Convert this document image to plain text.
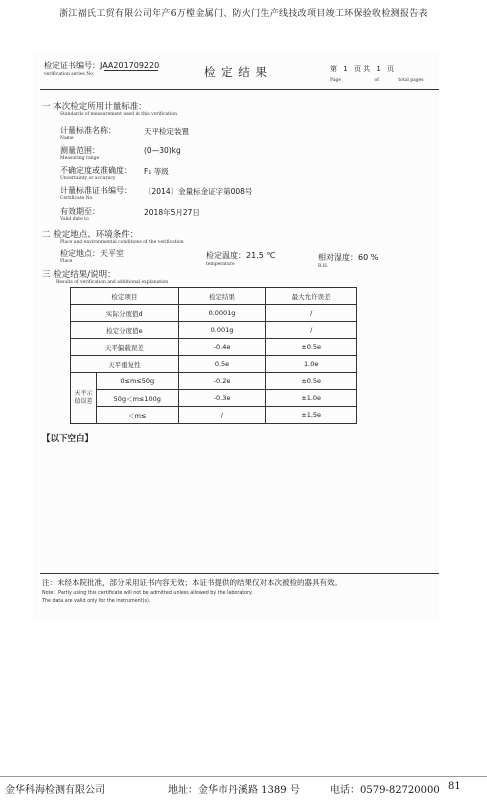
浙江福氏工贸有限公司年产6万樘金属门、防火门生产线技改项目竣工环保验收检测报告表
检定证书编号：JAA201709220
verification series No.	检 定 结 果	第 1 页 共 1 页
Page	of	total pages
一 本次检定所用计量标准：
Standards of measurement used in this verification
计量标准名称：
Name
天平检定装置
测量范围：
Measuring range
(0—30)kg
不确定度或准确度：
Uncertainty or accuracy
F₁ 等级
计量标准证书编号：
Certificate No.
〔2014〕金量标金证字第008号
有效期至：
Valid date to
2018年5月27日
二 检定地点、环境条件：
Place and environmental conditions of the verification
检定地点：天平室
Place
检定温度：21.5 ℃
temperature
相对湿度：60 %
R.H.
三 检定结果/说明：
Results of verification and additional explanation
检定项目		检定结果	最大允许误差
实际分度值d		0.0001g	/
检定分度值e		0.001g	/
天平偏载误差		-0.4e	±0.5e
天平重复性		0.5e	1.0e
天平示值误差	0≤m≤50g	-0.2e	±0.5e
	50g＜m≤100g	-0.3e	±1.0e
	＜m≤	/	±1.5e
【以下空白】
注：未经本院批准，部分采用证书内容无效；本证书提供的结果仅对本次被检的器具有效。
Note：Partly using this certificate will not be admitted unless allowed by the laboratory.
The data are valid only for the instrument(s).
金华科海检测有限公司	地址：金华市丹溪路 1389 号	电话：0579-82720000 81
